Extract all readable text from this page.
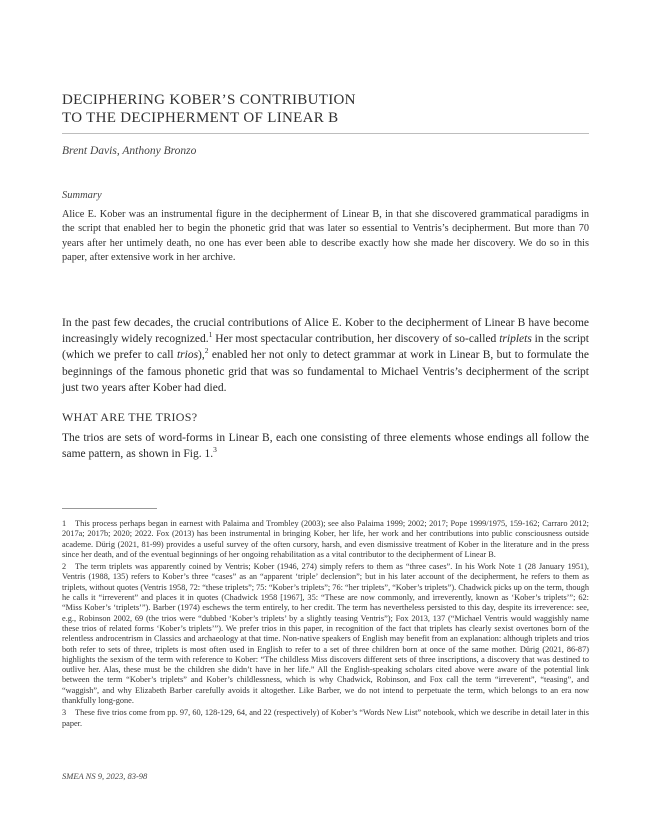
DECIPHERING KOBER’S CONTRIBUTION
TO THE DECIPHERMENT OF LINEAR B
Brent Davis, Anthony Bronzo
Summary
Alice E. Kober was an instrumental figure in the decipherment of Linear B, in that she discovered grammatical paradigms in the script that enabled her to begin the phonetic grid that was later so essential to Ventris’s decipherment. But more than 70 years after her untimely death, no one has ever been able to describe exactly how she made her discovery. We do so in this paper, after extensive work in her archive.
In the past few decades, the crucial contributions of Alice E. Kober to the decipherment of Linear B have become increasingly widely recognized.$^1$ Her most spectacular contribution, her discovery of so-called triplets in the script (which we prefer to call trios),$^2$ enabled her not only to detect grammar at work in Linear B, but to formulate the beginnings of the famous phonetic grid that was so fundamental to Michael Ventris’s decipherment of the script just two years after Kober had died.
WHAT ARE THE TRIOS?
The trios are sets of word-forms in Linear B, each one consisting of three elements whose endings all follow the same pattern, as shown in Fig. 1.$^3$
1 This process perhaps began in earnest with Palaima and Trombley (2003); see also Palaima 1999; 2002; 2017; Pope 1999/1975, 159-162; Carraro 2012; 2017a; 2017b; 2020; 2022. Fox (2013) has been instrumental in bringing Kober, her life, her work and her contributions into public consciousness outside academe. Dürig (2021, 81-99) provides a useful survey of the often cursory, harsh, and even dismissive treatment of Kober in the literature and in the press since her death, and of the eventual beginnings of her ongoing rehabilitation as a vital contributor to the decipherment of Linear B.
2 The term triplets was apparently coined by Ventris; Kober (1946, 274) simply refers to them as “three cases”. In his Work Note 1 (28 January 1951), Ventris (1988, 135) refers to Kober’s three “cases” as an “apparent ‘triple’ declension”; but in his later account of the decipherment, he refers to them as triplets, without quotes (Ventris 1958, 72: “these triplets”; 75: “Kober’s triplets”; 76: “her triplets”, “Kober’s triplets”). Chadwick picks up on the term, though he calls it “irreverent” and places it in quotes (Chadwick 1958 [1967], 35: “These are now commonly, and irreverently, known as ‘Kober’s triplets’”; 62: “Miss Kober’s ‘triplets’”). Barber (1974) eschews the term entirely, to her credit. The term has nevertheless persisted to this day, despite its irreverence: see, e.g., Robinson 2002, 69 (the trios were “dubbed ‘Kober’s triplets’ by a slightly teasing Ventris”); Fox 2013, 137 (“Michael Ventris would waggishly name these trios of related forms ‘Kober’s triplets’”). We prefer trios in this paper, in recognition of the fact that triplets has clearly sexist overtones born of the relentless androcentrism in Classics and archaeology at that time. Non-native speakers of English may benefit from an explanation: although triplets and trios both refer to sets of three, triplets is most often used in English to refer to a set of three children born at once of the same mother. Dürig (2021, 86-87) highlights the sexism of the term with reference to Kober: “The childless Miss discovers different sets of three inscriptions, a discovery that was destined to outlive her. Alas, these must be the children she didn’t have in her life.” All the English-speaking scholars cited above were aware of the potential link between the term “Kober’s triplets” and Kober’s childlessness, which is why Chadwick, Robinson, and Fox call the term “irreverent”, “teasing”, and “waggish”, and why Elizabeth Barber carefully avoids it altogether. Like Barber, we do not intend to perpetuate the term, which belongs to an era now thankfully long-gone.
3 These five trios come from pp. 97, 60, 128-129, 64, and 22 (respectively) of Kober’s “Words New List” notebook, which we describe in detail later in this paper.
SMEA NS 9, 2023, 83-98
